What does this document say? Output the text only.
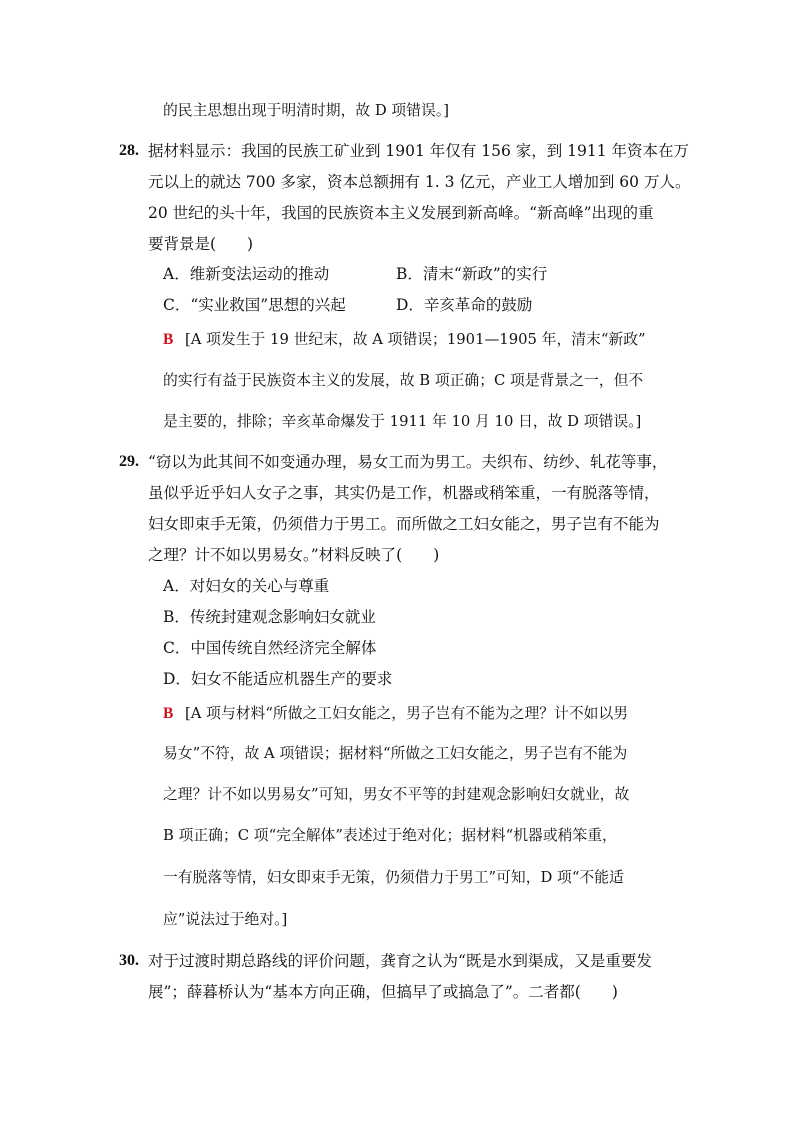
的民主思想出现于明清时期，故 D 项错误。]
28. 据材料显示：我国的民族工矿业到 1901 年仅有 156 家，到 1911 年资本在万
元以上的就达 700 多家，资本总额拥有 1. 3 亿元，产业工人增加到 60 万人。
20 世纪的头十年，我国的民族资本主义发展到新高峰。“新高峰”出现的重
要背景是(　　)
A．维新变法运动的推动	B．清末“新政”的实行
C．“实业救国”思想的兴起	D．辛亥革命的鼓励
B [A 项发生于 19 世纪末，故 A 项错误；1901—1905 年，清末“新政”
的实行有益于民族资本主义的发展，故 B 项正确；C 项是背景之一，但不
是主要的，排除；辛亥革命爆发于 1911 年 10 月 10 日，故 D 项错误。]
29. “窃以为此其间不如变通办理，易女工而为男工。夫织布、纺纱、轧花等事，
虽似乎近乎妇人女子之事，其实仍是工作，机器或稍笨重，一有脱落等情，
妇女即束手无策，仍须借力于男工。而所做之工妇女能之，男子岂有不能为
之理？计不如以男易女。”材料反映了(　　)
A．对妇女的关心与尊重
B．传统封建观念影响妇女就业
C．中国传统自然经济完全解体
D．妇女不能适应机器生产的要求
B [A 项与材料“所做之工妇女能之，男子岂有不能为之理？计不如以男
易女”不符，故 A 项错误；据材料“所做之工妇女能之，男子岂有不能为
之理？计不如以男易女”可知，男女不平等的封建观念影响妇女就业，故
B 项正确；C 项“完全解体”表述过于绝对化；据材料“机器或稍笨重，
一有脱落等情，妇女即束手无策，仍须借力于男工”可知，D 项“不能适
应”说法过于绝对。]
30. 对于过渡时期总路线的评价问题，龚育之认为“既是水到渠成，又是重要发
展”；薛暮桥认为“基本方向正确，但搞早了或搞急了”。二者都(　　)
